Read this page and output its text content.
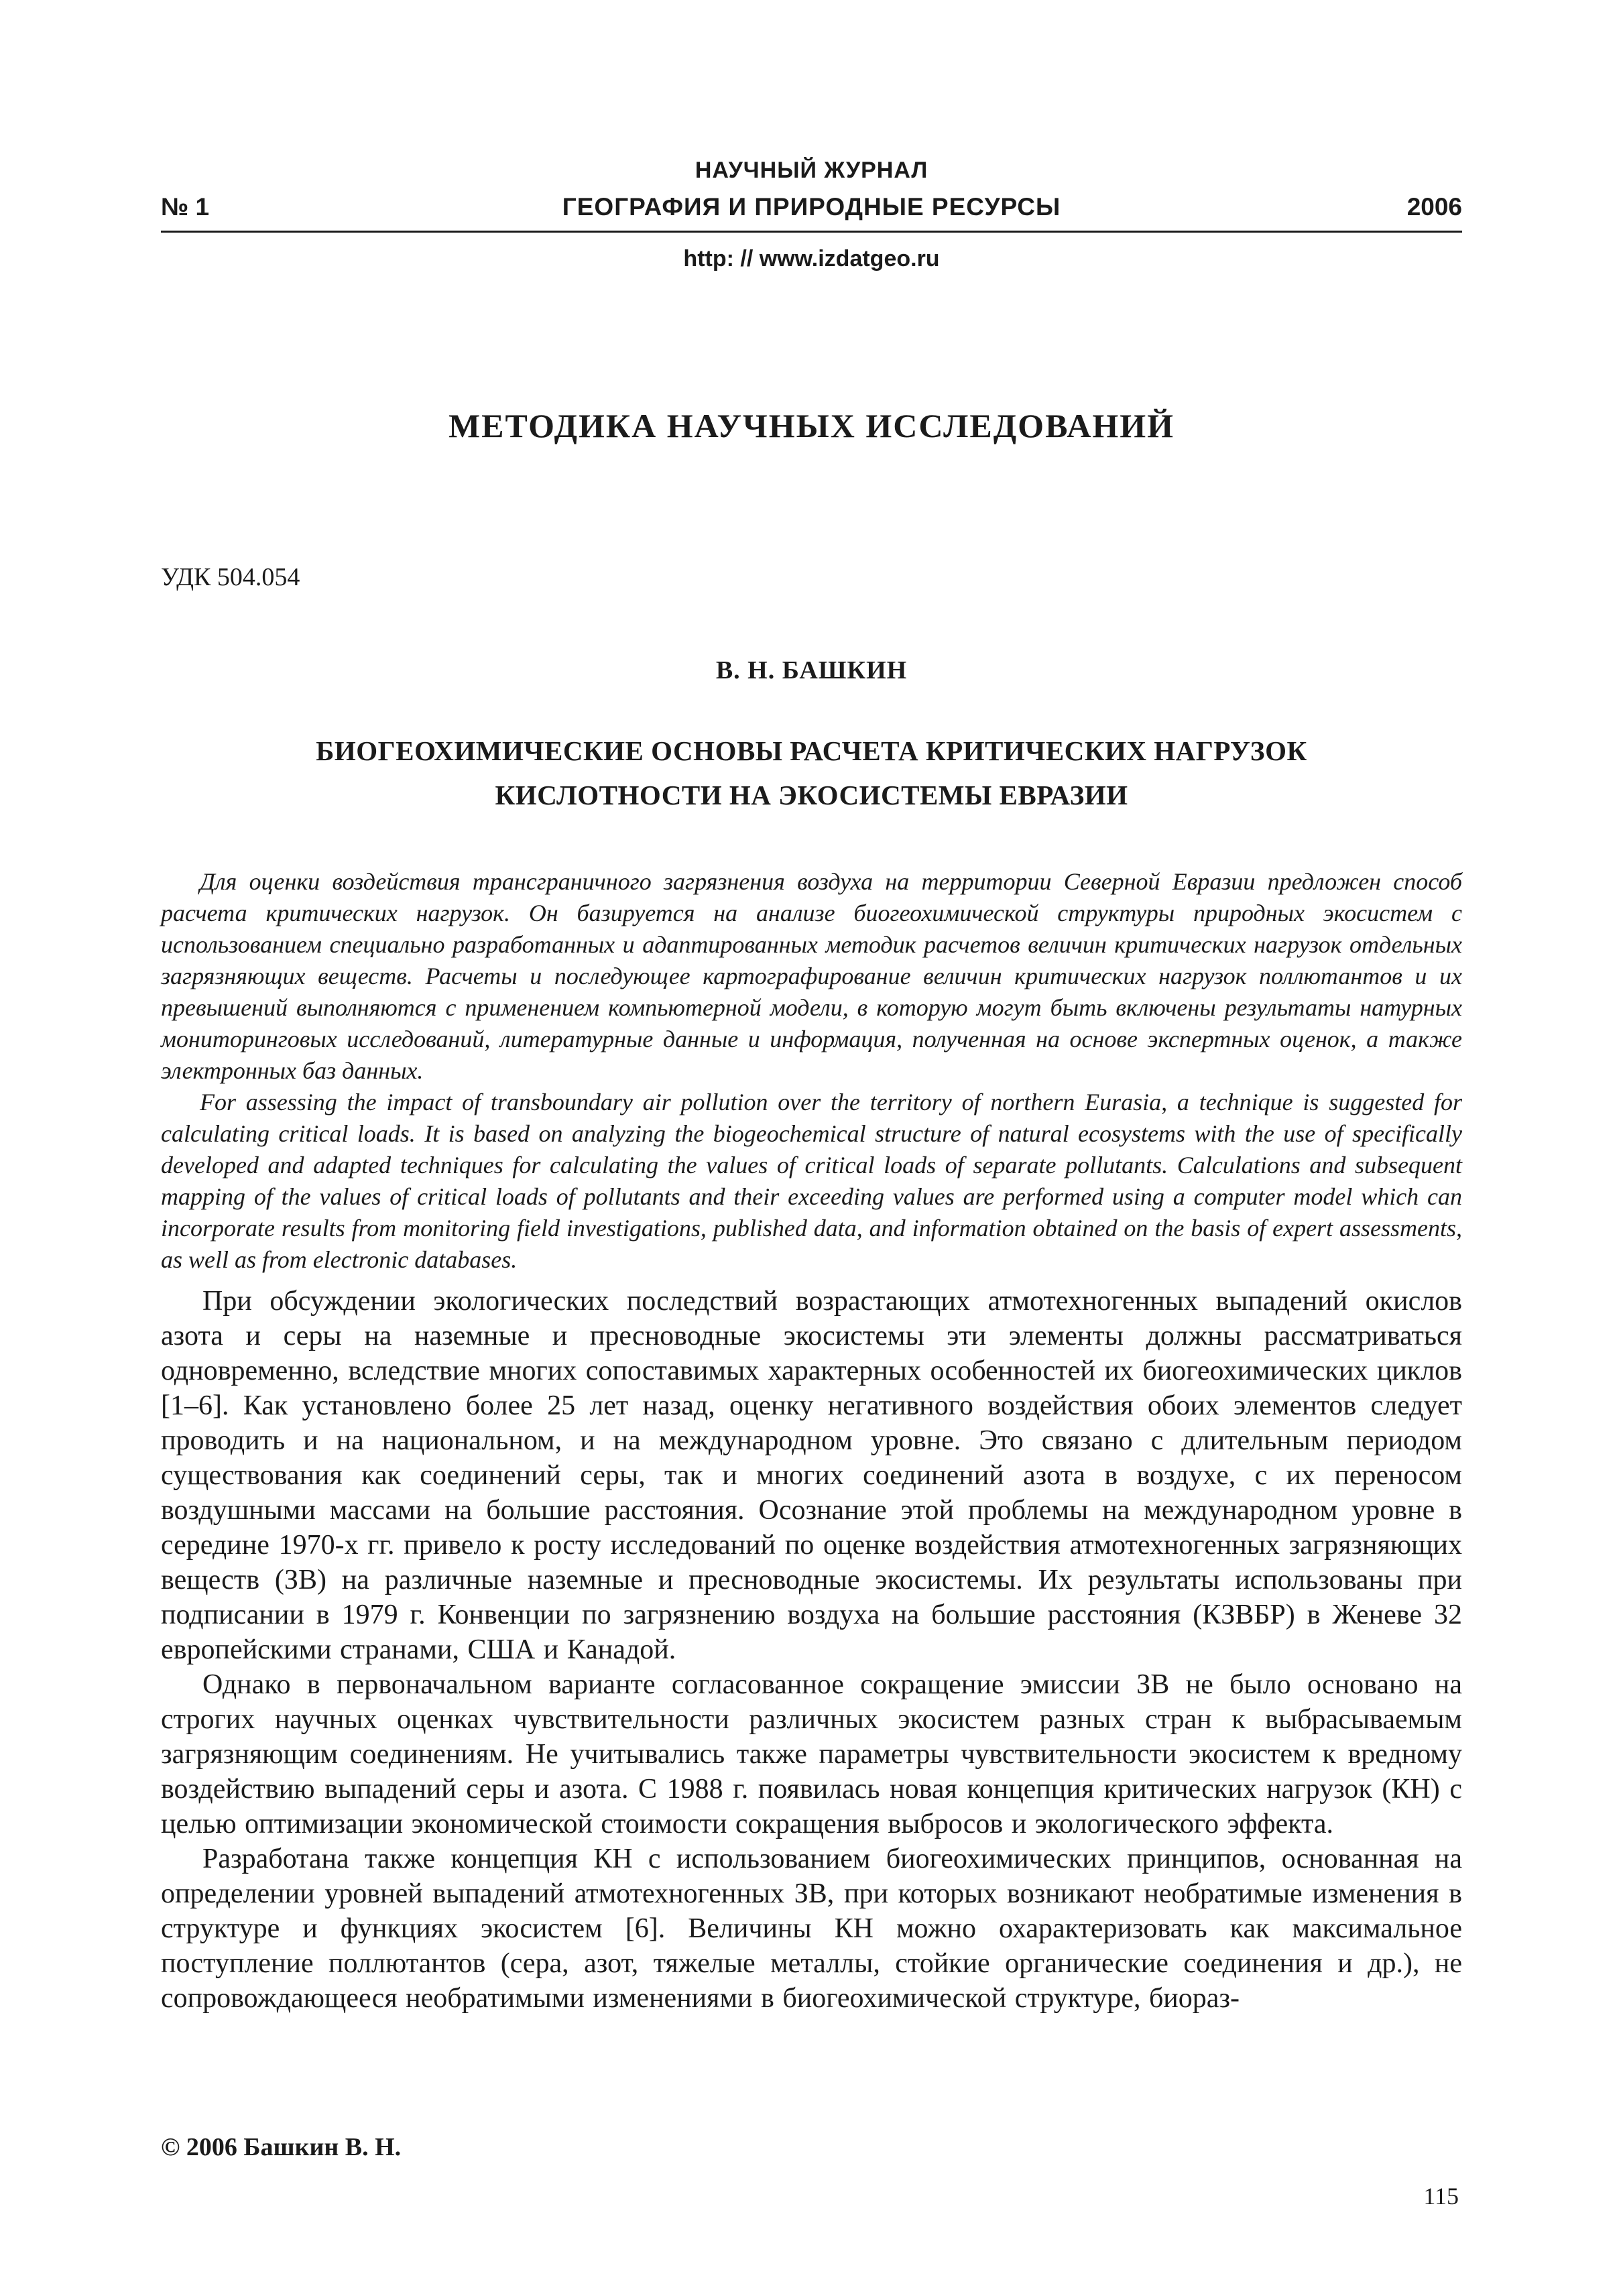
НАУЧНЫЙ ЖУРНАЛ
№ 1	ГЕОГРАФИЯ И ПРИРОДНЫЕ РЕСУРСЫ	2006
http: // www.izdatgeo.ru
МЕТОДИКА НАУЧНЫХ ИССЛЕДОВАНИЙ
УДК 504.054
В. Н. БАШКИН
БИОГЕОХИМИЧЕСКИЕ ОСНОВЫ РАСЧЕТА КРИТИЧЕСКИХ НАГРУЗОК
КИСЛОТНОСТИ НА ЭКОСИСТЕМЫ ЕВРАЗИИ

Для оценки воздействия трансграничного загрязнения воздуха на территории Северной Евразии предложен способ расчета критических нагрузок. Он базируется на анализе биогеохимической структуры природных экосистем с использованием специально разработанных и адаптированных методик расчетов величин критических нагрузок отдельных загрязняющих веществ. Расчеты и последующее картографирование величин критических нагрузок поллютантов и их превышений выполняются с применением компьютерной модели, в которую могут быть включены результаты натурных мониторинговых исследований, литературные данные и информация, полученная на основе экспертных оценок, а также электронных баз данных.

For assessing the impact of transboundary air pollution over the territory of northern Eurasia, a technique is suggested for calculating critical loads. It is based on analyzing the biogeochemical structure of natural ecosystems with the use of specifically developed and adapted techniques for calculating the values of critical loads of separate pollutants. Calculations and subsequent mapping of the values of critical loads of pollutants and their exceeding values are performed using a computer model which can incorporate results from monitoring field investigations, published data, and information obtained on the basis of expert assessments, as well as from electronic databases.

При обсуждении экологических последствий возрастающих атмотехногенных выпадений окислов азота и серы на наземные и пресноводные экосистемы эти элементы должны рассматриваться одновременно, вследствие многих сопоставимых характерных особенностей их биогеохимических циклов [1–6]. Как установлено более 25 лет назад, оценку негативного воздействия обоих элементов следует проводить и на национальном, и на международном уровне. Это связано с длительным периодом существования как соединений серы, так и многих соединений азота в воздухе, с их переносом воздушными массами на большие расстояния. Осознание этой проблемы на международном уровне в середине 1970-х гг. привело к росту исследований по оценке воздействия атмотехногенных загрязняющих веществ (ЗВ) на различные наземные и пресноводные экосистемы. Их результаты использованы при подписании в 1979 г. Конвенции по загрязнению воздуха на большие расстояния (КЗВБР) в Женеве 32 европейскими странами, США и Канадой.

Однако в первоначальном варианте согласованное сокращение эмиссии ЗВ не было основано на строгих научных оценках чувствительности различных экосистем разных стран к выбрасываемым загрязняющим соединениям. Не учитывались также параметры чувствительности экосистем к вредному воздействию выпадений серы и азота. С 1988 г. появилась новая концепция критических нагрузок (КН) с целью оптимизации экономической стоимости сокращения выбросов и экологического эффекта.

Разработана также концепция КН с использованием биогеохимических принципов, основанная на определении уровней выпадений атмотехногенных ЗВ, при которых возникают необратимые изменения в структуре и функциях экосистем [6]. Величины КН можно охарактеризовать как максимальное поступление поллютантов (сера, азот, тяжелые металлы, стойкие органические соединения и др.), не сопровождающееся необратимыми изменениями в биогеохимической структуре, биораз-

© 2006 Башкин В. Н.
115
